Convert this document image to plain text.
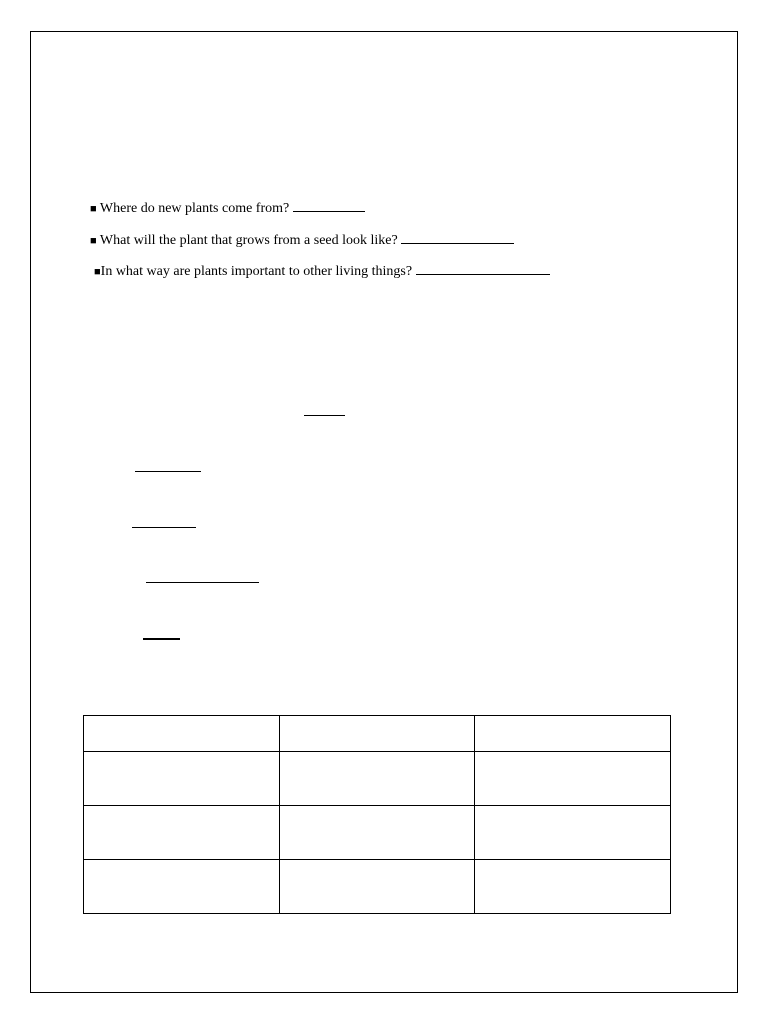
■ Where do new plants come from?
■ What will the plant that grows from a seed look like?
■In what way are plants important to other living things?
